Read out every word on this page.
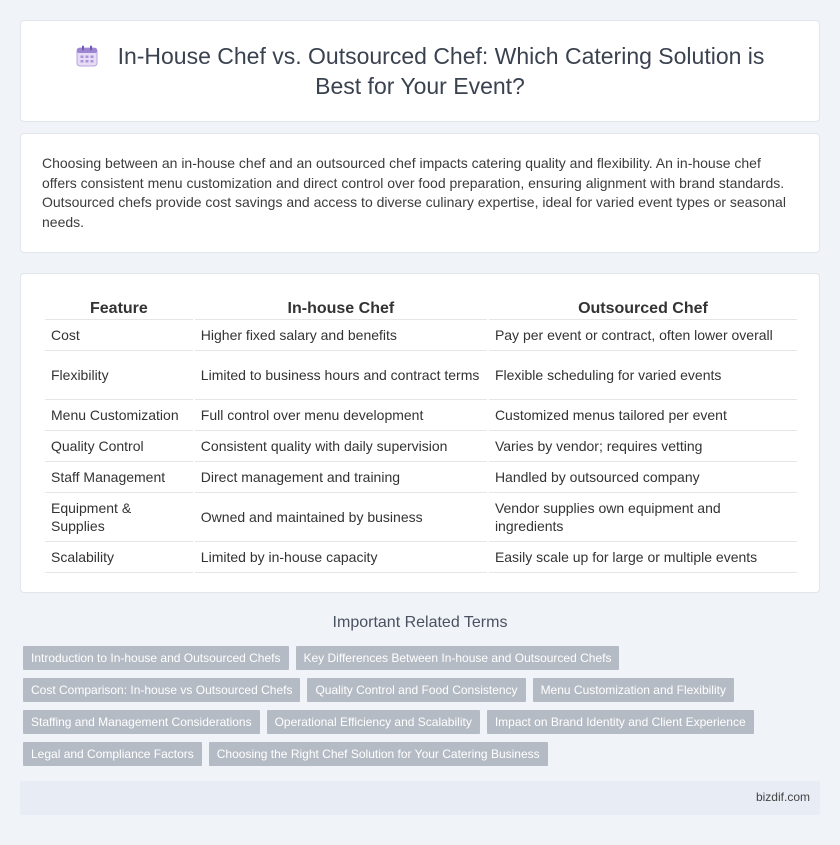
In-House Chef vs. Outsourced Chef: Which Catering Solution is Best for Your Event?

Choosing between an in-house chef and an outsourced chef impacts catering quality and flexibility. An in-house chef offers consistent menu customization and direct control over food preparation, ensuring alignment with brand standards. Outsourced chefs provide cost savings and access to diverse culinary expertise, ideal for varied event types or seasonal needs.

Feature	In-house Chef	Outsourced Chef
Cost	Higher fixed salary and benefits	Pay per event or contract, often lower overall
Flexibility	Limited to business hours and contract terms	Flexible scheduling for varied events
Menu Customization	Full control over menu development	Customized menus tailored per event
Quality Control	Consistent quality with daily supervision	Varies by vendor; requires vetting
Staff Management	Direct management and training	Handled by outsourced company
Equipment & Supplies	Owned and maintained by business	Vendor supplies own equipment and ingredients
Scalability	Limited by in-house capacity	Easily scale up for large or multiple events
Important Related Terms
Introduction to In-house and Outsourced Chefs	Key Differences Between In-house and Outsourced Chefs
Cost Comparison: In-house vs Outsourced Chefs	Quality Control and Food Consistency	Menu Customization and Flexibility
Staffing and Management Considerations	Operational Efficiency and Scalability	Impact on Brand Identity and Client Experience
Legal and Compliance Factors	Choosing the Right Chef Solution for Your Catering Business
bizdif.com
